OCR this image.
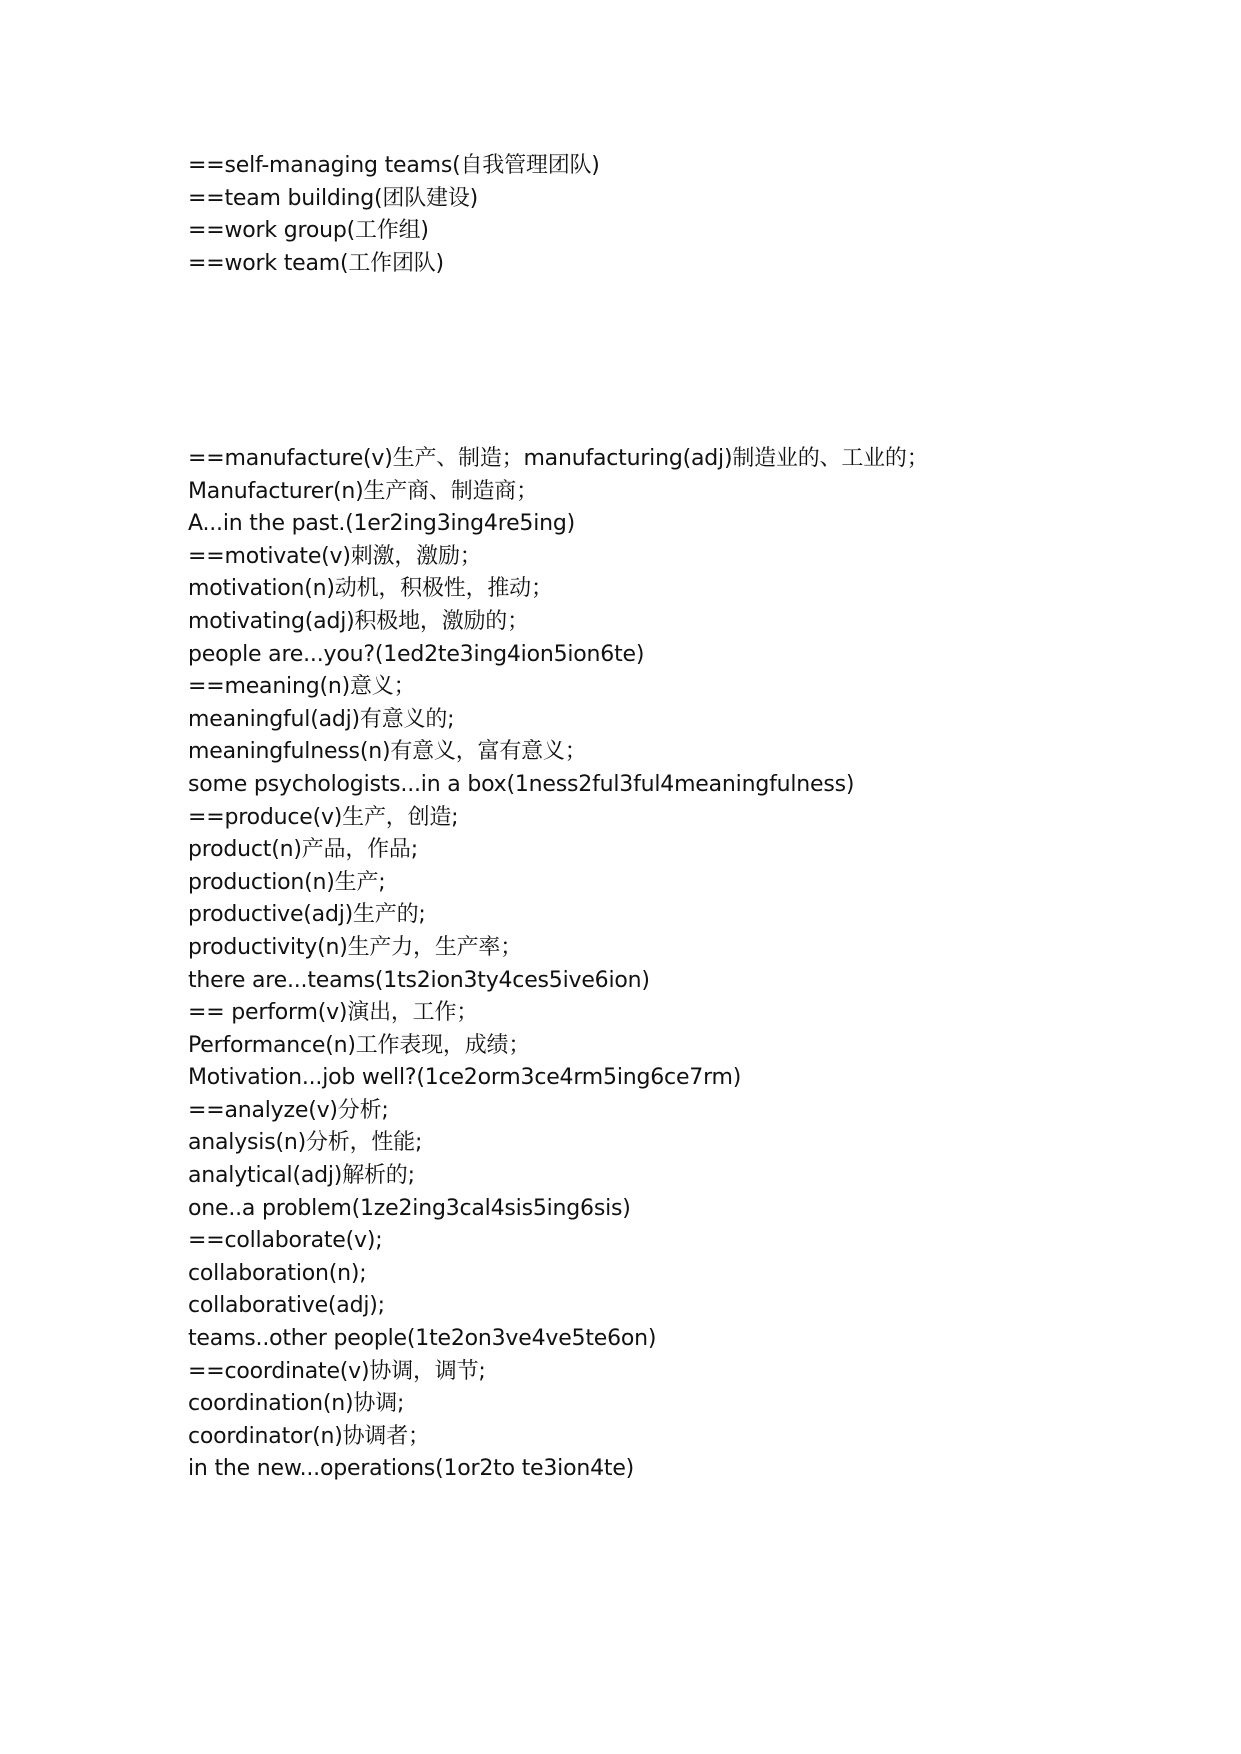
==self-managing teams(自我管理团队)
==team building(团队建设)
==work group(工作组)
==work team(工作团队)
==manufacture(v)生产、制造；manufacturing(adj)制造业的、工业的；
Manufacturer(n)生产商、制造商；
A...in the past.(1er2ing3ing4re5ing)
==motivate(v)刺激，激励；
motivation(n)动机，积极性，推动；
motivating(adj)积极地，激励的；
people are...you?(1ed2te3ing4ion5ion6te)
==meaning(n)意义；
meaningful(adj)有意义的;
meaningfulness(n)有意义，富有意义；
some psychologists...in a box(1ness2ful3ful4meaningfulness)
==produce(v)生产，创造;
product(n)产品，作品;
production(n)生产;
productive(adj)生产的;
productivity(n)生产力，生产率；
there are...teams(1ts2ion3ty4ces5ive6ion)
== perform(v)演出，工作；
Performance(n)工作表现，成绩；
Motivation...job well?(1ce2orm3ce4rm5ing6ce7rm)
==analyze(v)分析;
analysis(n)分析，性能;
analytical(adj)解析的;
one..a problem(1ze2ing3cal4sis5ing6sis)
==collaborate(v);
collaboration(n);
collaborative(adj);
teams..other people(1te2on3ve4ve5te6on)
==coordinate(v)协调，调节;
coordination(n)协调;
coordinator(n)协调者；
in the new...operations(1or2to te3ion4te)
